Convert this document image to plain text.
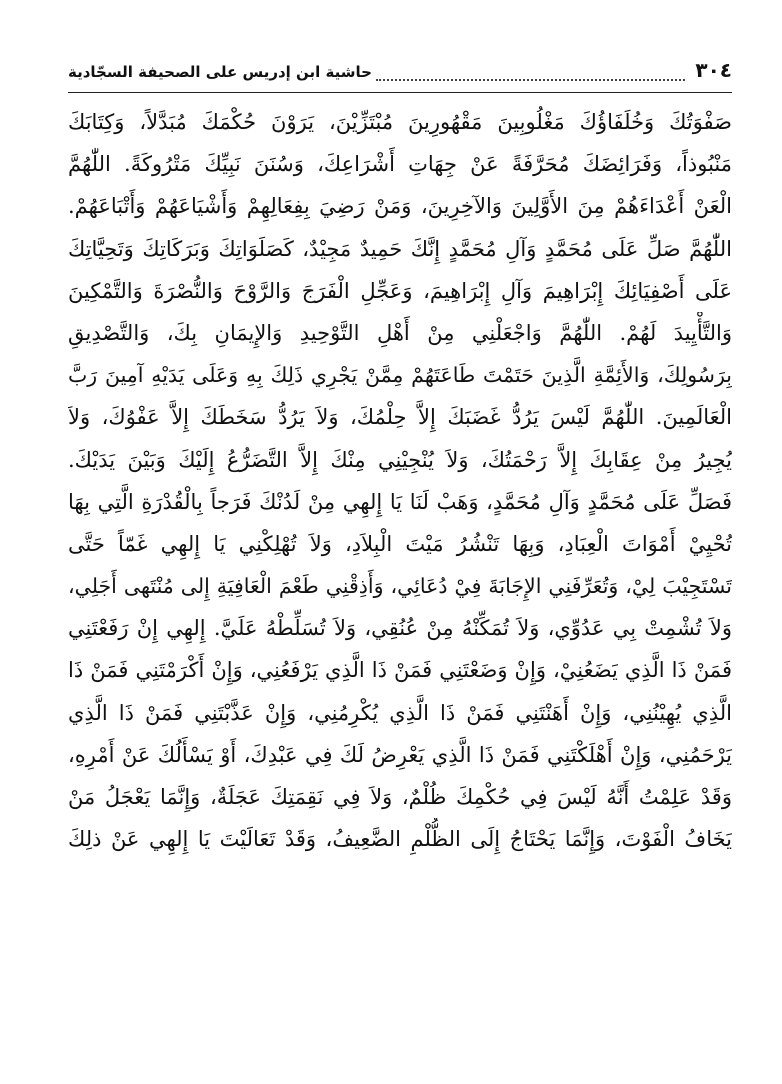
٣٠٤
حاشية ابن إدريس على الصحيفة السجّادية
صَفْوَتُكَ وَخُلَفَاؤُكَ مَغْلُوبِينَ مَقْهُورِينَ مُبْتَزِّيْنَ، يَرَوْنَ حُكْمَكَ مُبَدَّلاً، وَكِتَابَكَ
مَنْبُوذاً، وَفَرَائِضَكَ مُحَرَّفَةً عَنْ جِهَاتِ أَشْرَاعِكَ، وَسُنَنَ نَبِيِّكَ مَتْرُوكَةً. اللّٰهُمَّ
الْعَنْ أَعْدَاءَهُمْ مِنَ الأَوَّلِينَ وَالآخِرِينَ، وَمَنْ رَضِيَ بِفِعَالِهِمْ وَأَشْيَاعَهُمْ وَأَتْبَاعَهُمْ.
اللّٰهُمَّ صَلِّ عَلَى مُحَمَّدٍ وَآلِ مُحَمَّدٍ إِنَّكَ حَمِيدٌ مَجِيْدٌ، كَصَلَوَاتِكَ وَبَرَكَاتِكَ وَتَحِيَّاتِكَ
عَلَى أَصْفِيَائِكَ إِبْرَاهِيمَ وَآلِ إِبْرَاهِيمَ، وَعَجِّلِ الْفَرَجَ وَالرَّوْحَ وَالنُّصْرَةَ وَالتَّمْكِينَ
وَالتَّأْيِيدَ لَهُمْ. اللّٰهُمَّ وَاجْعَلْنِي مِنْ أَهْلِ التَّوْحِيدِ وَالإِيمَانِ بِكَ، وَالتَّصْدِيقِ
بِرَسُولِكَ، وَالأَئِمَّةِ الَّذِينَ حَتَمْتَ طَاعَتَهُمْ مِمَّنْ يَجْرِي ذَلِكَ بِهِ وَعَلَى يَدَيْهِ آمِينَ رَبَّ
الْعَالَمِينَ. اللّٰهُمَّ لَيْسَ يَرُدُّ غَضَبَكَ إِلاَّ حِلْمُكَ، وَلاَ يَرُدُّ سَخَطَكَ إِلاَّ عَفْوُكَ، وَلاَ
يُجِيرُ مِنْ عِقَابِكَ إِلاَّ رَحْمَتُكَ، وَلاَ يُنْجِيْنِي مِنْكَ إِلاَّ التَّضَرُّعُ إِلَيْكَ وَبَيْنَ يَدَيْكَ.
فَصَلِّ عَلَى مُحَمَّدٍ وَآلِ مُحَمَّدٍ، وَهَبْ لَنَا يَا إِلهِي مِنْ لَدُنْكَ فَرَجاً بِالْقُدْرَةِ الَّتِي بِهَا
تُحْيِيْ أَمْوَاتَ الْعِبَادِ، وَبِهَا تَنْشُرُ مَيْتَ الْبِلاَدِ، وَلاَ تُهْلِكْنِي يَا إِلهِي غَمّاً حَتَّى
تَسْتَجِيْبَ لِيْ، وَتُعَرِّفَنِي الإِجَابَةَ فِيْ دُعَائِي، وَأَذِقْنِي طَعْمَ الْعَافِيَةِ إِلى مُنْتَهى أَجَلِي،
وَلاَ تُشْمِتْ بِي عَدُوِّي، وَلاَ تُمَكِّنْهُ مِنْ عُنُقِي، وَلاَ تُسَلِّطْهُ عَلَيَّ. إِلهِي إِنْ رَفَعْتَنِي
فَمَنْ ذَا الَّذِي يَضَعُنِيْ، وَإِنْ وَضَعْتَنِي فَمَنْ ذَا الَّذِي يَرْفَعُنِي، وَإِنْ أَكْرَمْتَنِي فَمَنْ ذَا
الَّذِي يُهِيْنُنِي، وَإِنْ أَهَنْتَنِي فَمَنْ ذَا الَّذِي يُكْرِمُنِي، وَإِنْ عَذَّبْتَنِي فَمَنْ ذَا الَّذِي
يَرْحَمُنِي، وَإِنْ أَهْلَكْتَنِي فَمَنْ ذَا الَّذِي يَعْرِضُ لَكَ فِي عَبْدِكَ، أَوْ يَسْأَلُكَ عَنْ أَمْرِهِ،
وَقَدْ عَلِمْتُ أَنَّهُ لَيْسَ فِي حُكْمِكَ ظُلْمٌ، وَلاَ فِي نَقِمَتِكَ عَجَلَةٌ، وَإِنَّمَا يَعْجَلُ مَنْ
يَخَافُ الْفَوْتَ، وَإِنَّمَا يَحْتَاجُ إِلَى الظُّلْمِ الضَّعِيفُ، وَقَدْ تَعَالَيْتَ يَا إِلهِي عَنْ ذلِكَ
